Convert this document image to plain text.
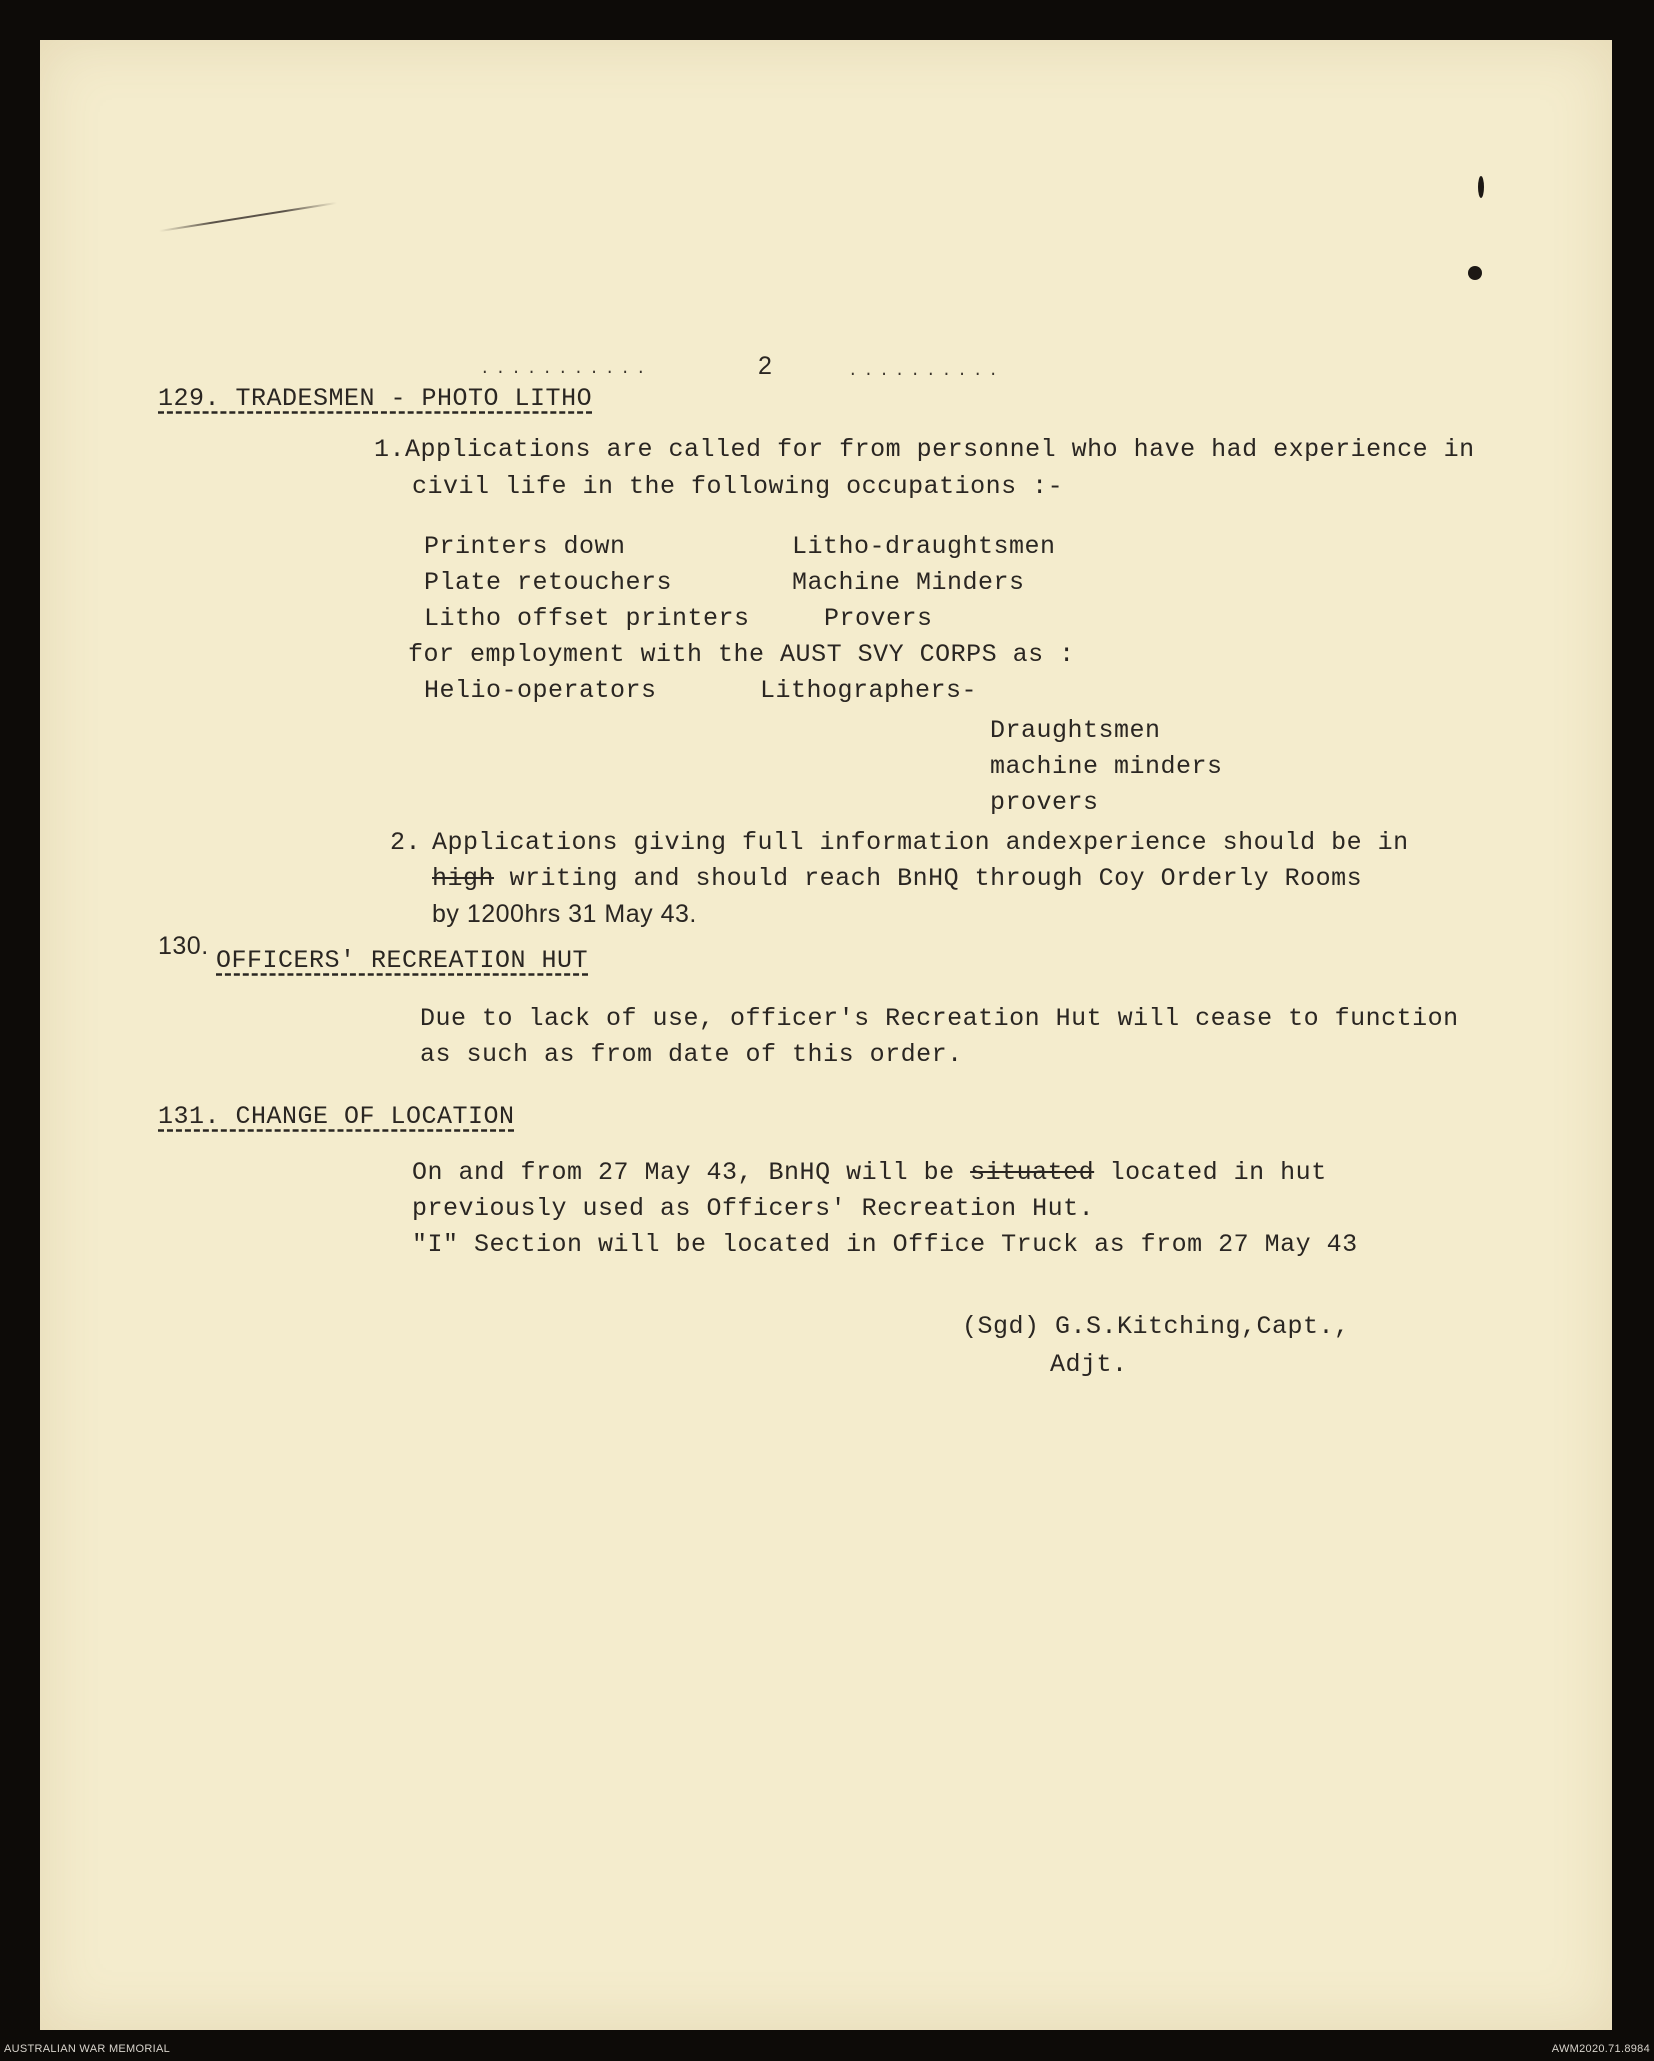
...........	2	..........
129. TRADESMEN - PHOTO LITHO
1.Applications are called for from personnel who have had experience in
civil life in the following occupations :-
Printers down	Litho-draughtsmen
Plate retouchers	Machine Minders
Litho offset printers	Provers
for employment with the AUST SVY CORPS as :
Helio-operators	Lithographers-
Draughtsmen
machine minders
provers
2. Applications giving full information andexperience should be in
high writing and should reach BnHQ through Coy Orderly Rooms
by 1200hrs 31 May 43.
130. OFFICERS' RECREATION HUT
Due to lack of use, officer's Recreation Hut will cease to function
as such as from date of this order.
131. CHANGE OF LOCATION
On and from 27 May 43, BnHQ will be situated located in hut
previously used as Officers' Recreation Hut.
"I" Section will be located in Office Truck as from 27 May 43
(Sgd) G.S.Kitching,Capt.,
Adjt.
AUSTRALIAN WAR MEMORIAL	AWM2020.71.8984
